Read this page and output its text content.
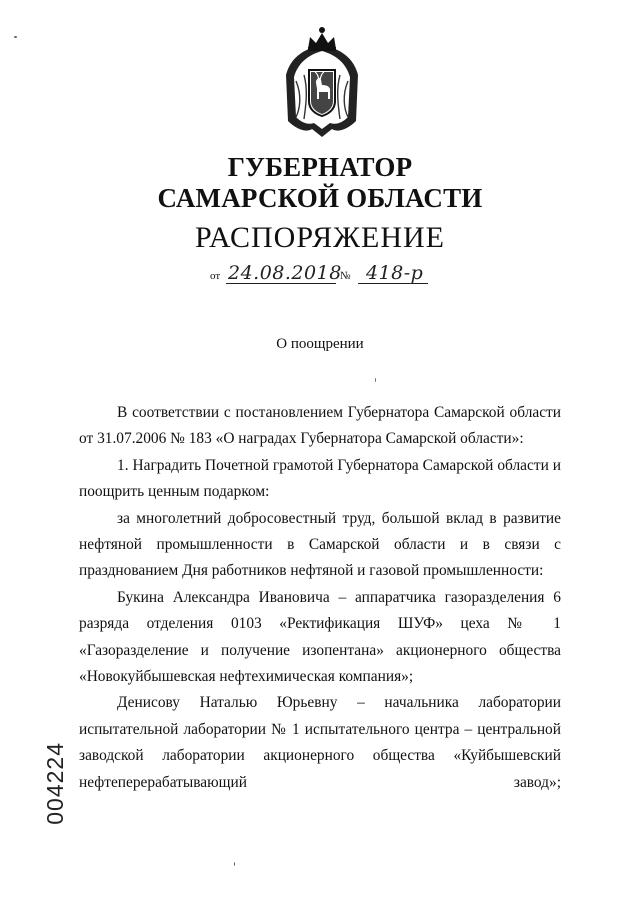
ГУБЕРНАТОР
САМАРСКОЙ ОБЛАСТИ
РАСПОРЯЖЕНИЕ
от 24.08.2018
№ 418-р
О поощрении

В соответствии с постановлением Губернатора Самарской области от 31.07.2006 № 183 «О наградах Губернатора Самарской области»:

1. Наградить Почетной грамотой Губернатора Самарской области и поощрить ценным подарком:

за многолетний добросовестный труд, большой вклад в развитие нефтяной промышленности в Самарской области и в связи с празднованием Дня работников нефтяной и газовой промышленности:

Букина Александра Ивановича – аппаратчика газоразделения 6 разряда отделения 0103 «Ректификация ШУФ» цеха № 1 «Газоразделение и получение изопентана» акционерного общества «Новокуйбышевская нефтехимическая компания»;

Денисову Наталью Юрьевну – начальника лаборатории испытательной лаборатории № 1 испытательного центра – центральной заводской лаборатории акционерного общества «Куйбышевский нефтеперерабатывающий завод»;

004224
